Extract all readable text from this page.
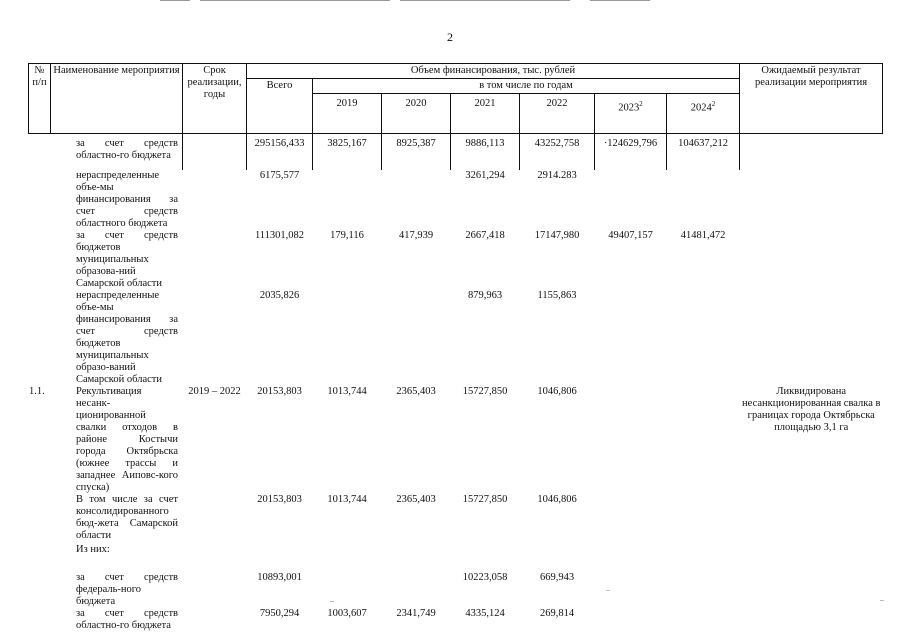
2
№ п/п	Наименование мероприятия	Срок реализации, годы	Объем финансирования, тыс. рублей							Ожидаемый результат реализации мероприятия
			Всего	в том числе по годам						
				2019	2020	2021	2022	2023$^2$	2024$^2$
	за счет средств областно-го бюджета		295156,433	3825,167	8925,387	9886,113	43252,758	·124629,796	104637,212	
	нераспределенные объе-мы финансирования за счет средств областного бюджета		6175,577			3261,294	2914.283			
	за счет средств бюджетов муниципальных образова-ний Самарской области		111301,082	179,116	417,939	2667,418	17147,980	49407,157	41481,472	
	нераспределенные объе-мы финансирования за счет средств бюджетов муниципальных образо-ваний Самарской области		2035,826			879,963	1155,863			
1.1.	Рекультивация несанк-ционированной свалки отходов в районе Костычи города Октябрьска (южнее трассы и западнее Аиповс-кого спуска)	2019 – 2022	20153,803	1013,744	2365,403	15727,850	1046,806			Ликвидирована несанкционированная свалка в границах города Октябрьска площадью 3,1 га
	В том числе за счет консолидированного бюд-жета Самарской области		20153,803	1013,744	2365,403	15727,850	1046,806			
	Из них:									
	за счет средств федераль-ного бюджета		10893,001			10223,058	669,943			
	за счет средств областно-го бюджета		7950,294	1003,607	2341,749	4335,124	269,814			
